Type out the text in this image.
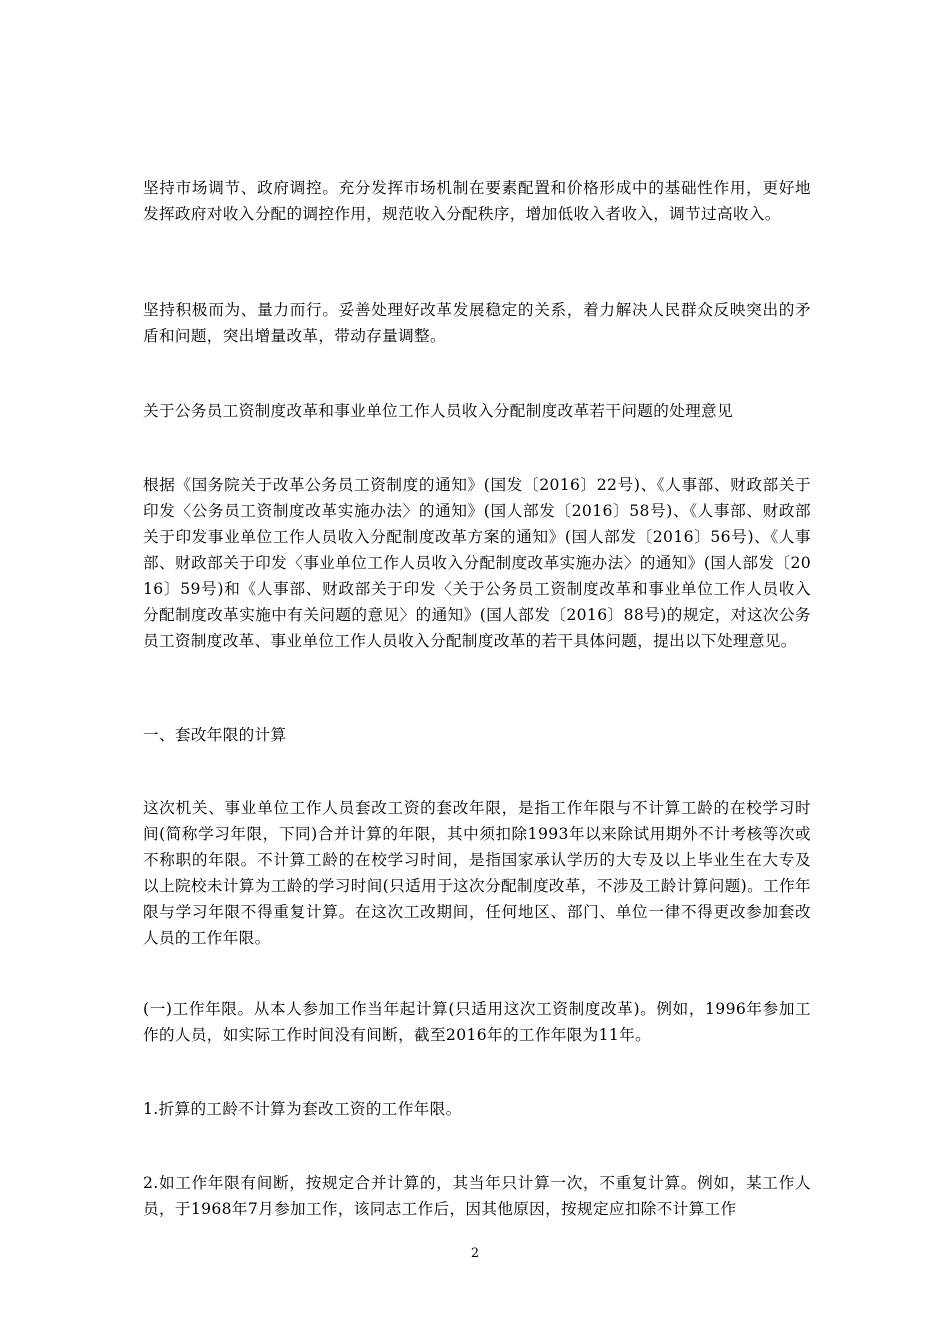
坚持市场调节、政府调控。充分发挥市场机制在要素配置和价格形成中的基础性作用，更好地发挥政府对收入分配的调控作用，规范收入分配秩序，增加低收入者收入，调节过高收入。

坚持积极而为、量力而行。妥善处理好改革发展稳定的关系，着力解决人民群众反映突出的矛盾和问题，突出增量改革，带动存量调整。

关于公务员工资制度改革和事业单位工作人员收入分配制度改革若干问题的处理意见

根据《国务院关于改革公务员工资制度的通知》(国发〔2016〕22号)、《人事部、财政部关于印发〈公务员工资制度改革实施办法〉的通知》(国人部发〔2016〕58号)、《人事部、财政部关于印发事业单位工作人员收入分配制度改革方案的通知》(国人部发〔2016〕56号)、《人事部、财政部关于印发〈事业单位工作人员收入分配制度改革实施办法〉的通知》(国人部发〔2016〕59号)和《人事部、财政部关于印发〈关于公务员工资制度改革和事业单位工作人员收入分配制度改革实施中有关问题的意见〉的通知》(国人部发〔2016〕88号)的规定，对这次公务员工资制度改革、事业单位工作人员收入分配制度改革的若干具体问题，提出以下处理意见。

一、套改年限的计算

这次机关、事业单位工作人员套改工资的套改年限，是指工作年限与不计算工龄的在校学习时间(简称学习年限，下同)合并计算的年限，其中须扣除1993年以来除试用期外不计考核等次或不称职的年限。不计算工龄的在校学习时间，是指国家承认学历的大专及以上毕业生在大专及以上院校未计算为工龄的学习时间(只适用于这次分配制度改革，不涉及工龄计算问题)。工作年限与学习年限不得重复计算。在这次工改期间，任何地区、部门、单位一律不得更改参加套改人员的工作年限。

(一)工作年限。从本人参加工作当年起计算(只适用这次工资制度改革)。例如，1996年参加工作的人员，如实际工作时间没有间断，截至2016年的工作年限为11年。

1.折算的工龄不计算为套改工资的工作年限。

2.如工作年限有间断，按规定合并计算的，其当年只计算一次，不重复计算。例如，某工作人员，于1968年7月参加工作，该同志工作后，因其他原因，按规定应扣除不计算工作

2
